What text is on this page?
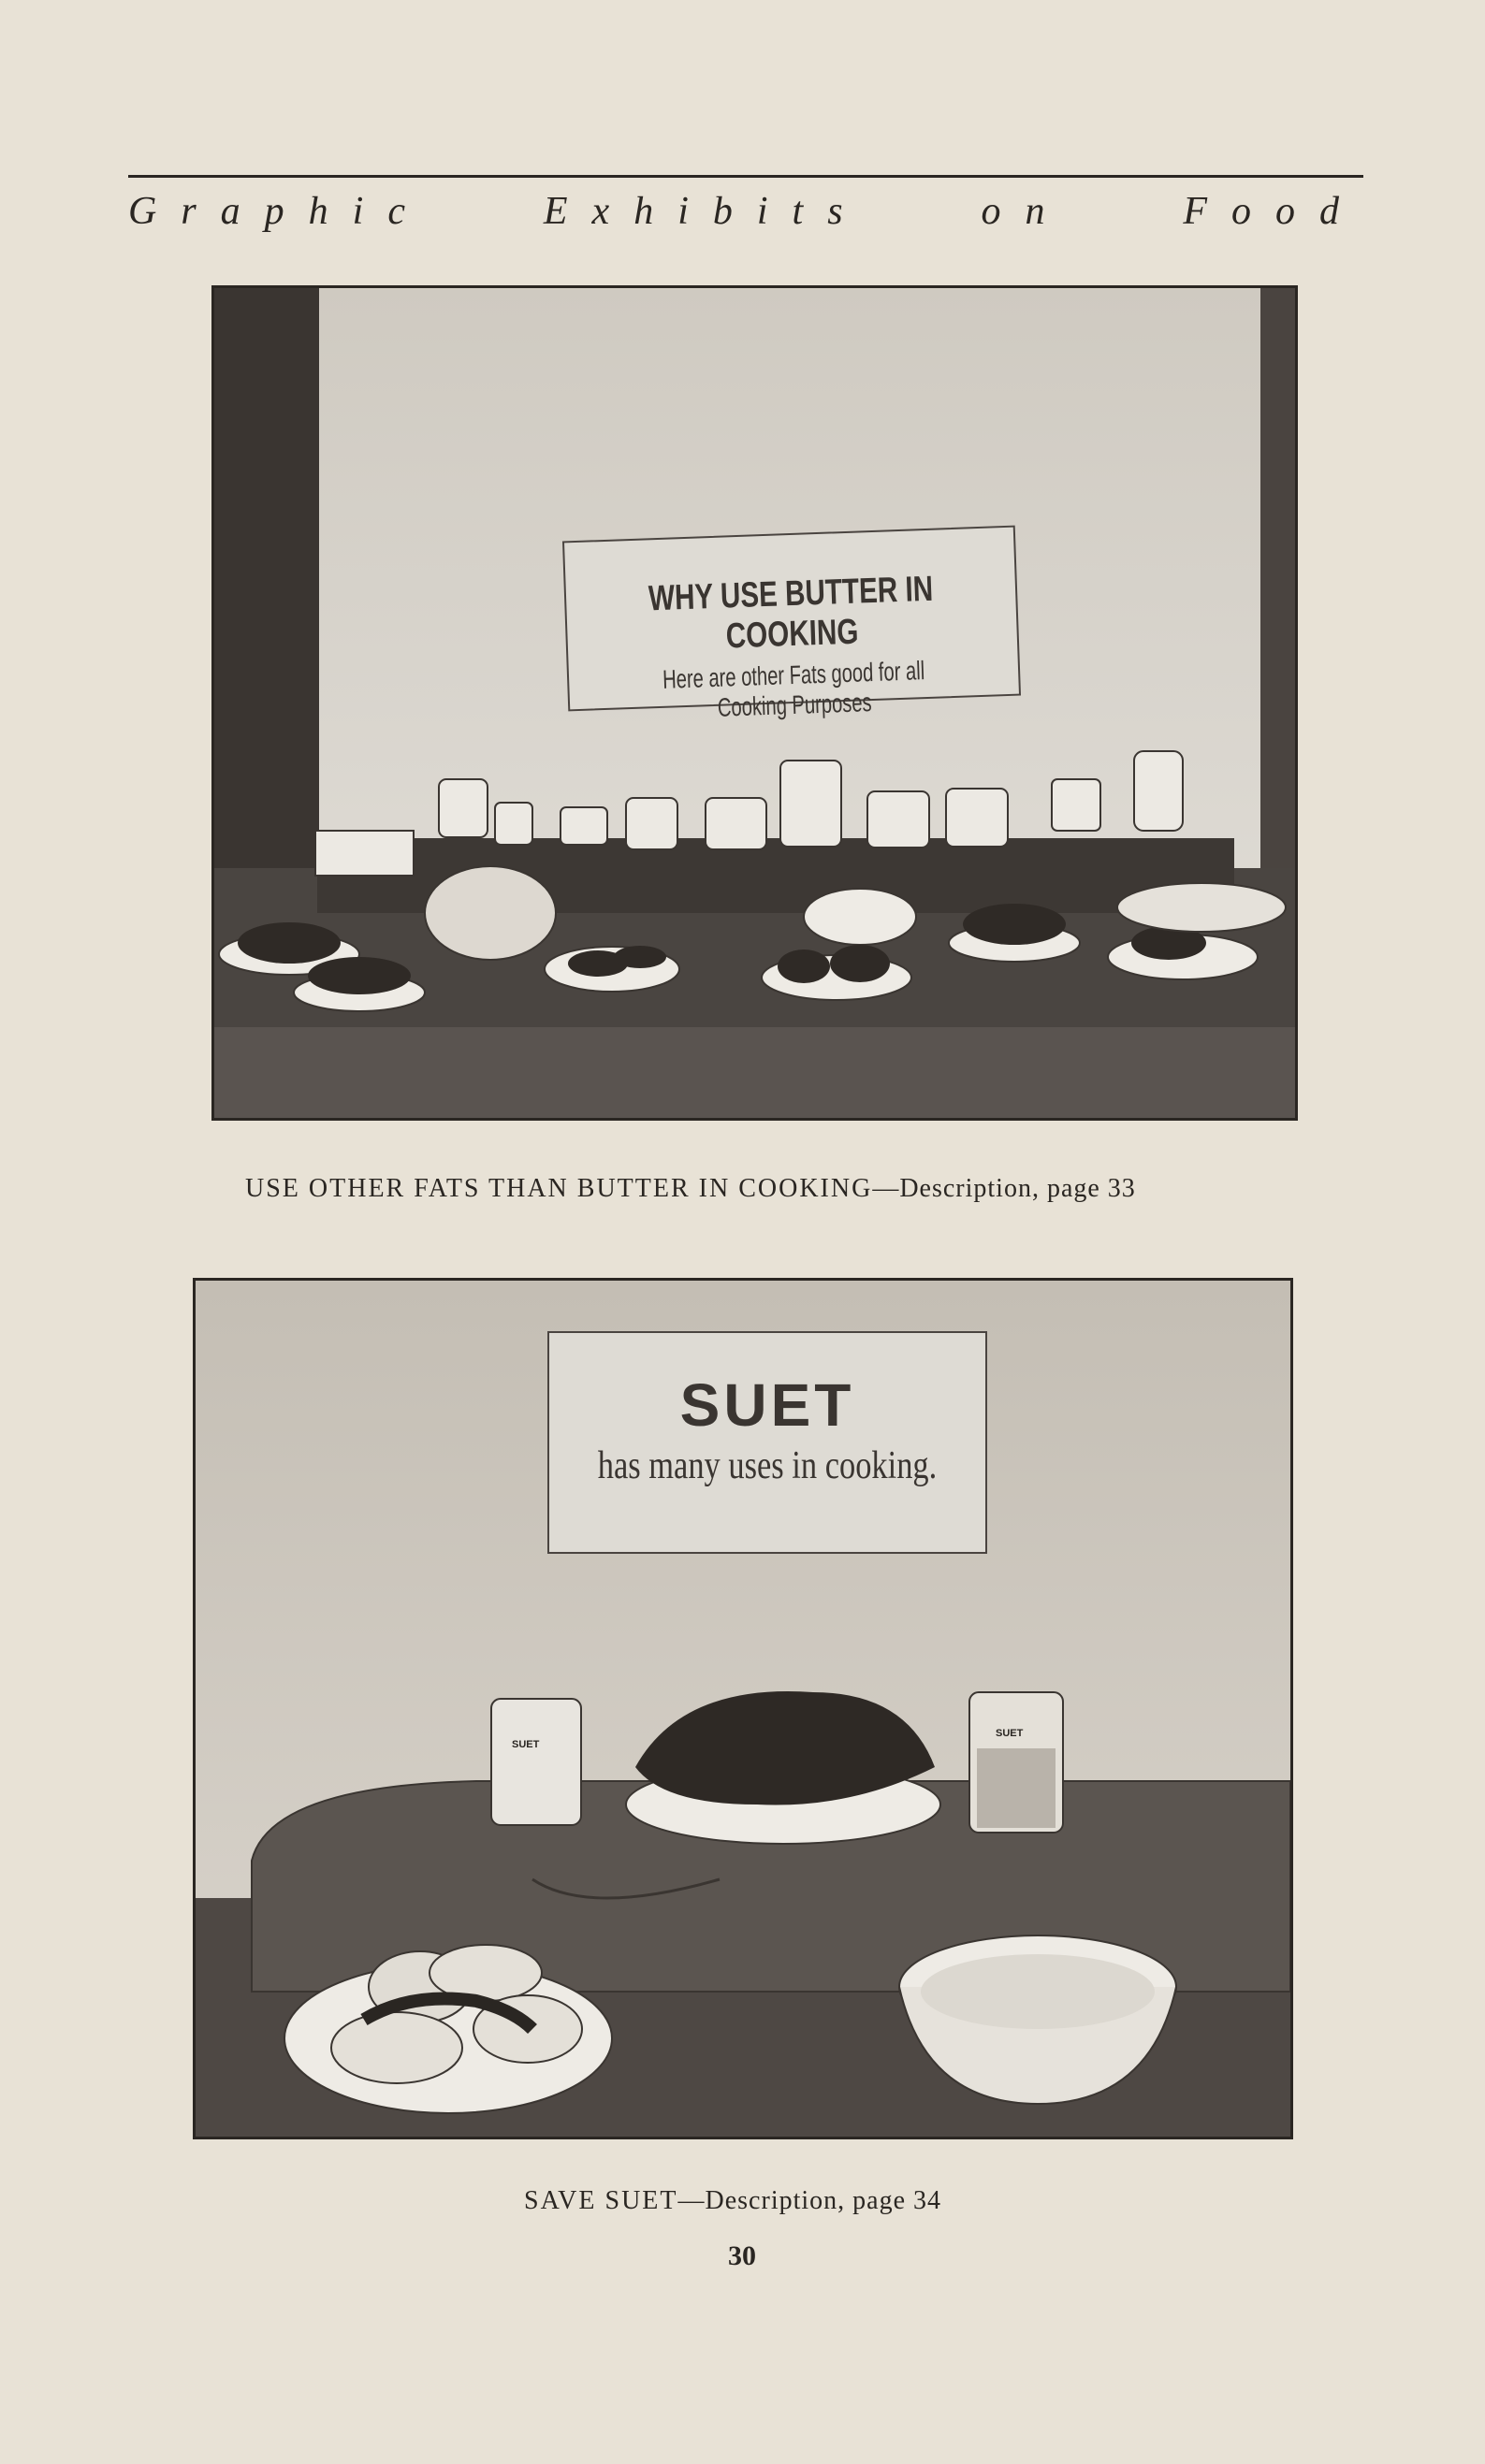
Graphic	Exhibits	on	Food
WHY USE BUTTER IN COOKING
Here are other Fats good for all Cooking Purposes
USE OTHER FATS THAN BUTTER IN COOKING—Description, page 33
SUET
has many uses in cooking.
SUET
SUET
SAVE SUET—Description, page 34
30
